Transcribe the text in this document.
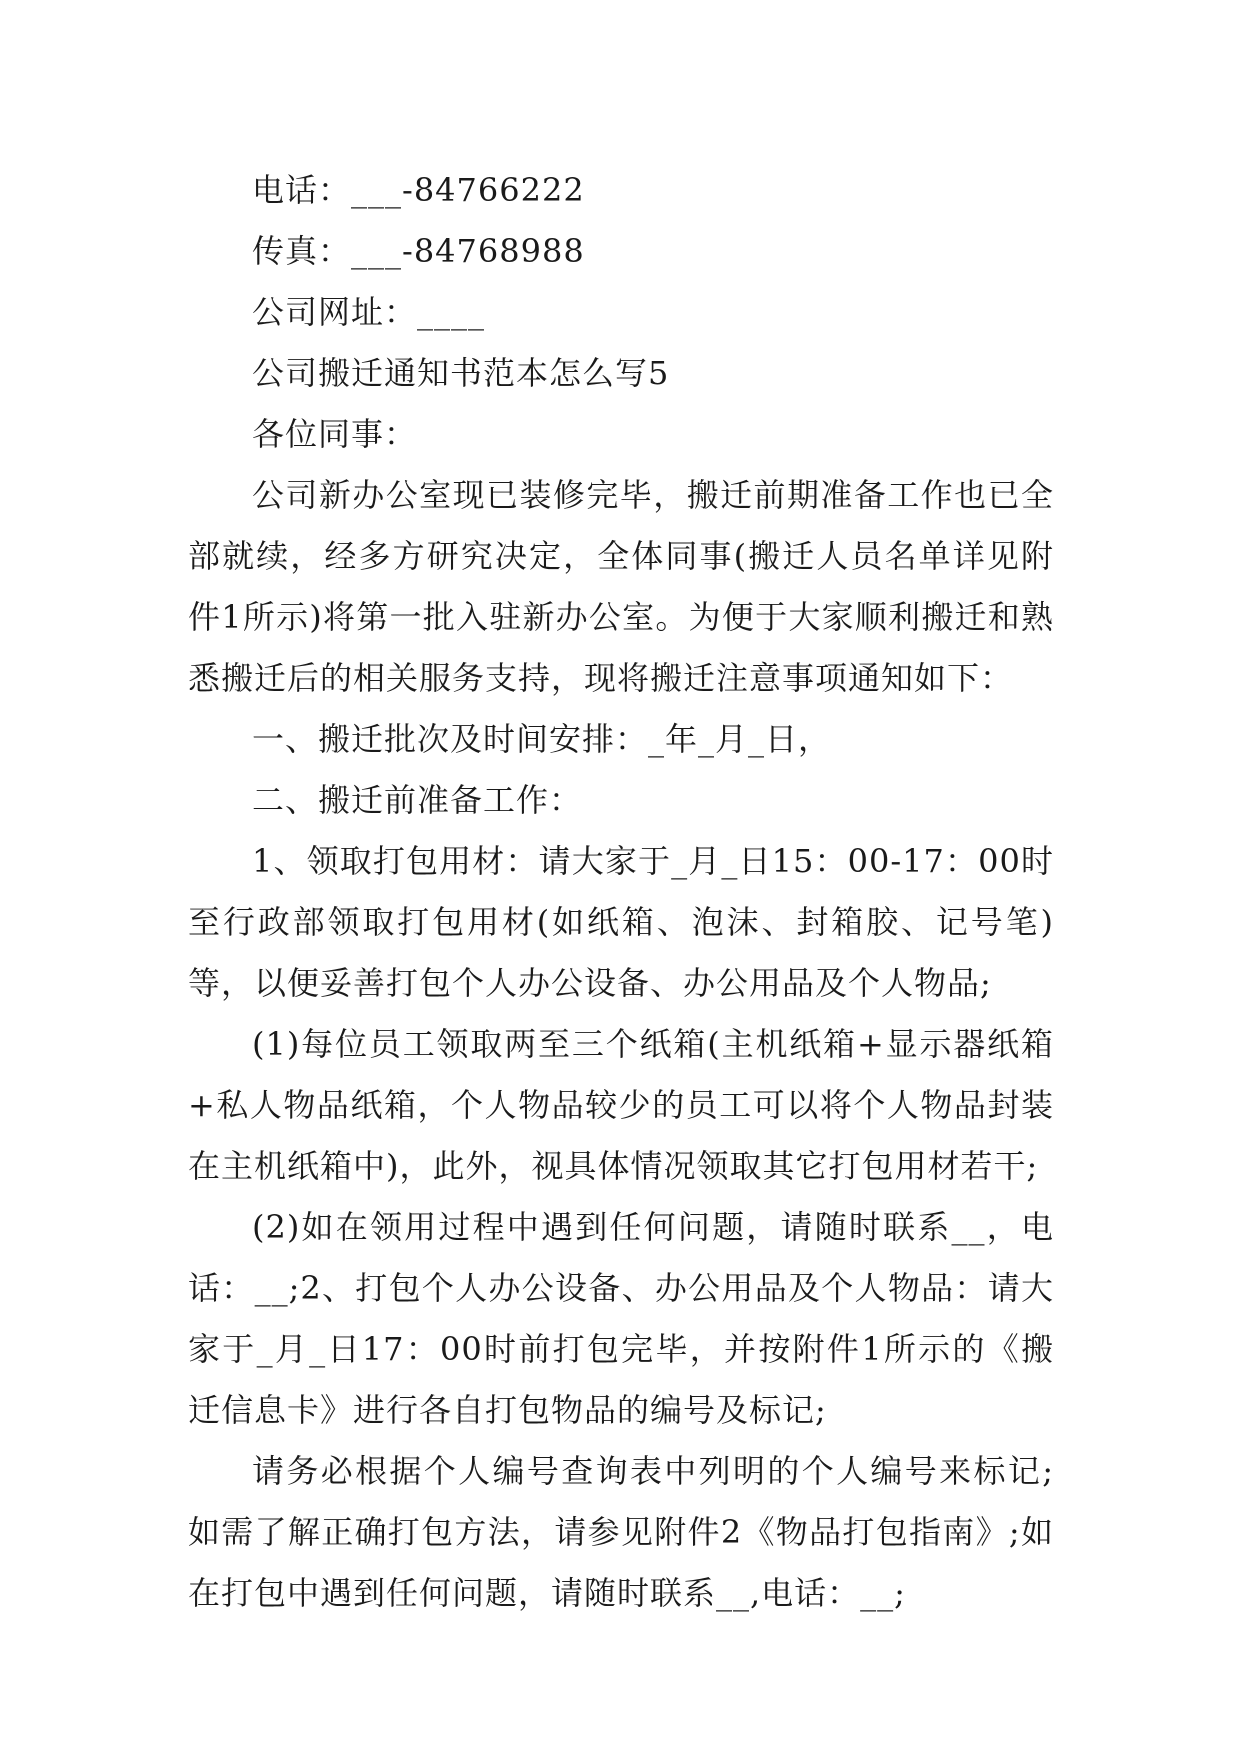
电话：___-84766222

传真：___-84768988

公司网址：____

公司搬迁通知书范本怎么写5

各位同事：

公司新办公室现已装修完毕，搬迁前期准备工作也已全部就续，经多方研究决定，全体同事(搬迁人员名单详见附件1所示)将第一批入驻新办公室。为便于大家顺利搬迁和熟悉搬迁后的相关服务支持，现将搬迁注意事项通知如下：

一、搬迁批次及时间安排：_年_月_日，

二、搬迁前准备工作：

1、领取打包用材：请大家于_月_日15：00-17：00时至行政部领取打包用材(如纸箱、泡沫、封箱胶、记号笔)等，以便妥善打包个人办公设备、办公用品及个人物品;

(1)每位员工领取两至三个纸箱(主机纸箱+显示器纸箱+私人物品纸箱，个人物品较少的员工可以将个人物品封装在主机纸箱中)，此外，视具体情况领取其它打包用材若干;

(2)如在领用过程中遇到任何问题，请随时联系__，电话：__;2、打包个人办公设备、办公用品及个人物品：请大家于_月_日17：00时前打包完毕，并按附件1所示的《搬迁信息卡》进行各自打包物品的编号及标记;

请务必根据个人编号查询表中列明的个人编号来标记;如需了解正确打包方法，请参见附件2《物品打包指南》;如在打包中遇到任何问题，请随时联系__,电话：__;
